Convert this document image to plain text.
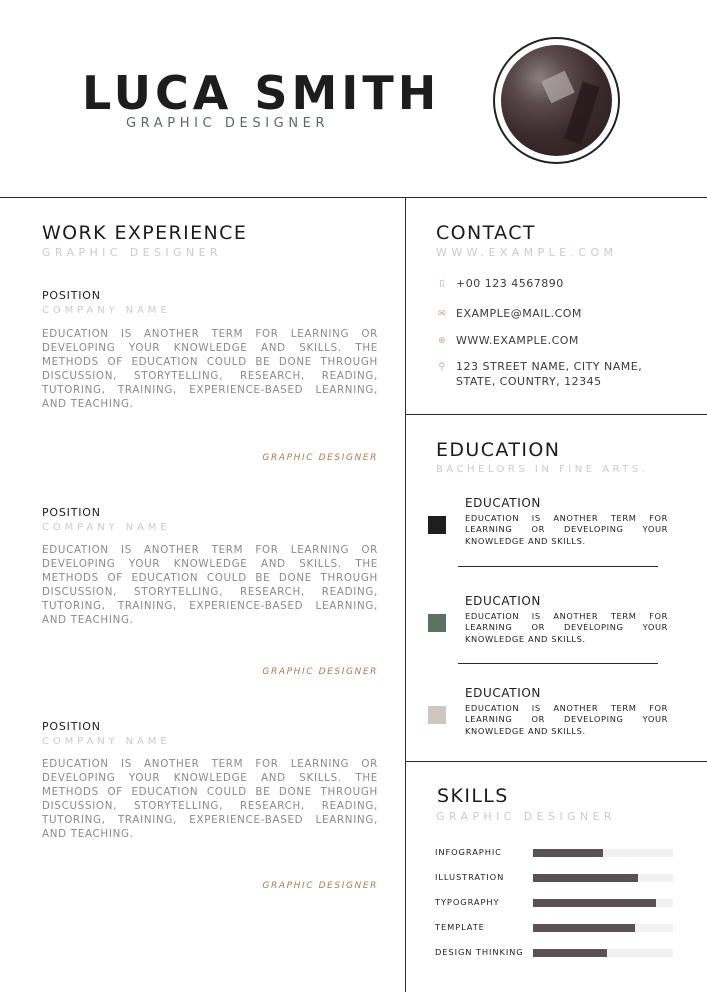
LUCA SMITH
GRAPHIC DESIGNER
WORK EXPERIENCE
GRAPHIC DESIGNER
POSITION
COMPANY NAME
EDUCATION IS ANOTHER TERM FOR LEARNING OR DEVELOPING YOUR KNOWLEDGE AND SKILLS. THE METHODS OF EDUCATION COULD BE DONE THROUGH DISCUSSION, STORYTELLING, RESEARCH, READING, TUTORING, TRAINING, EXPERIENCE-BASED LEARNING, AND TEACHING.
GRAPHIC DESIGNER
POSITION
COMPANY NAME
EDUCATION IS ANOTHER TERM FOR LEARNING OR DEVELOPING YOUR KNOWLEDGE AND SKILLS. THE METHODS OF EDUCATION COULD BE DONE THROUGH DISCUSSION, STORYTELLING, RESEARCH, READING, TUTORING, TRAINING, EXPERIENCE-BASED LEARNING, AND TEACHING.
GRAPHIC DESIGNER
POSITION
COMPANY NAME
EDUCATION IS ANOTHER TERM FOR LEARNING OR DEVELOPING YOUR KNOWLEDGE AND SKILLS. THE METHODS OF EDUCATION COULD BE DONE THROUGH DISCUSSION, STORYTELLING, RESEARCH, READING, TUTORING, TRAINING, EXPERIENCE-BASED LEARNING, AND TEACHING.
GRAPHIC DESIGNER
CONTACT
WWW.EXAMPLE.COM
▯ +00 123 4567890
✉ EXAMPLE@MAIL.COM
⊕ WWW.EXAMPLE.COM
⚲ 123 STREET NAME, CITY NAME, STATE, COUNTRY, 12345
EDUCATION
BACHELORS IN FINE ARTS.
EDUCATION
EDUCATION IS ANOTHER TERM FOR LEARNING OR DEVELOPING YOUR KNOWLEDGE AND SKILLS.
EDUCATION
EDUCATION IS ANOTHER TERM FOR LEARNING OR DEVELOPING YOUR KNOWLEDGE AND SKILLS.
EDUCATION
EDUCATION IS ANOTHER TERM FOR LEARNING OR DEVELOPING YOUR KNOWLEDGE AND SKILLS.
SKILLS
GRAPHIC DESIGNER
INFOGRAPHIC
ILLUSTRATION
TYPOGRAPHY
TEMPLATE
DESIGN THINKING
